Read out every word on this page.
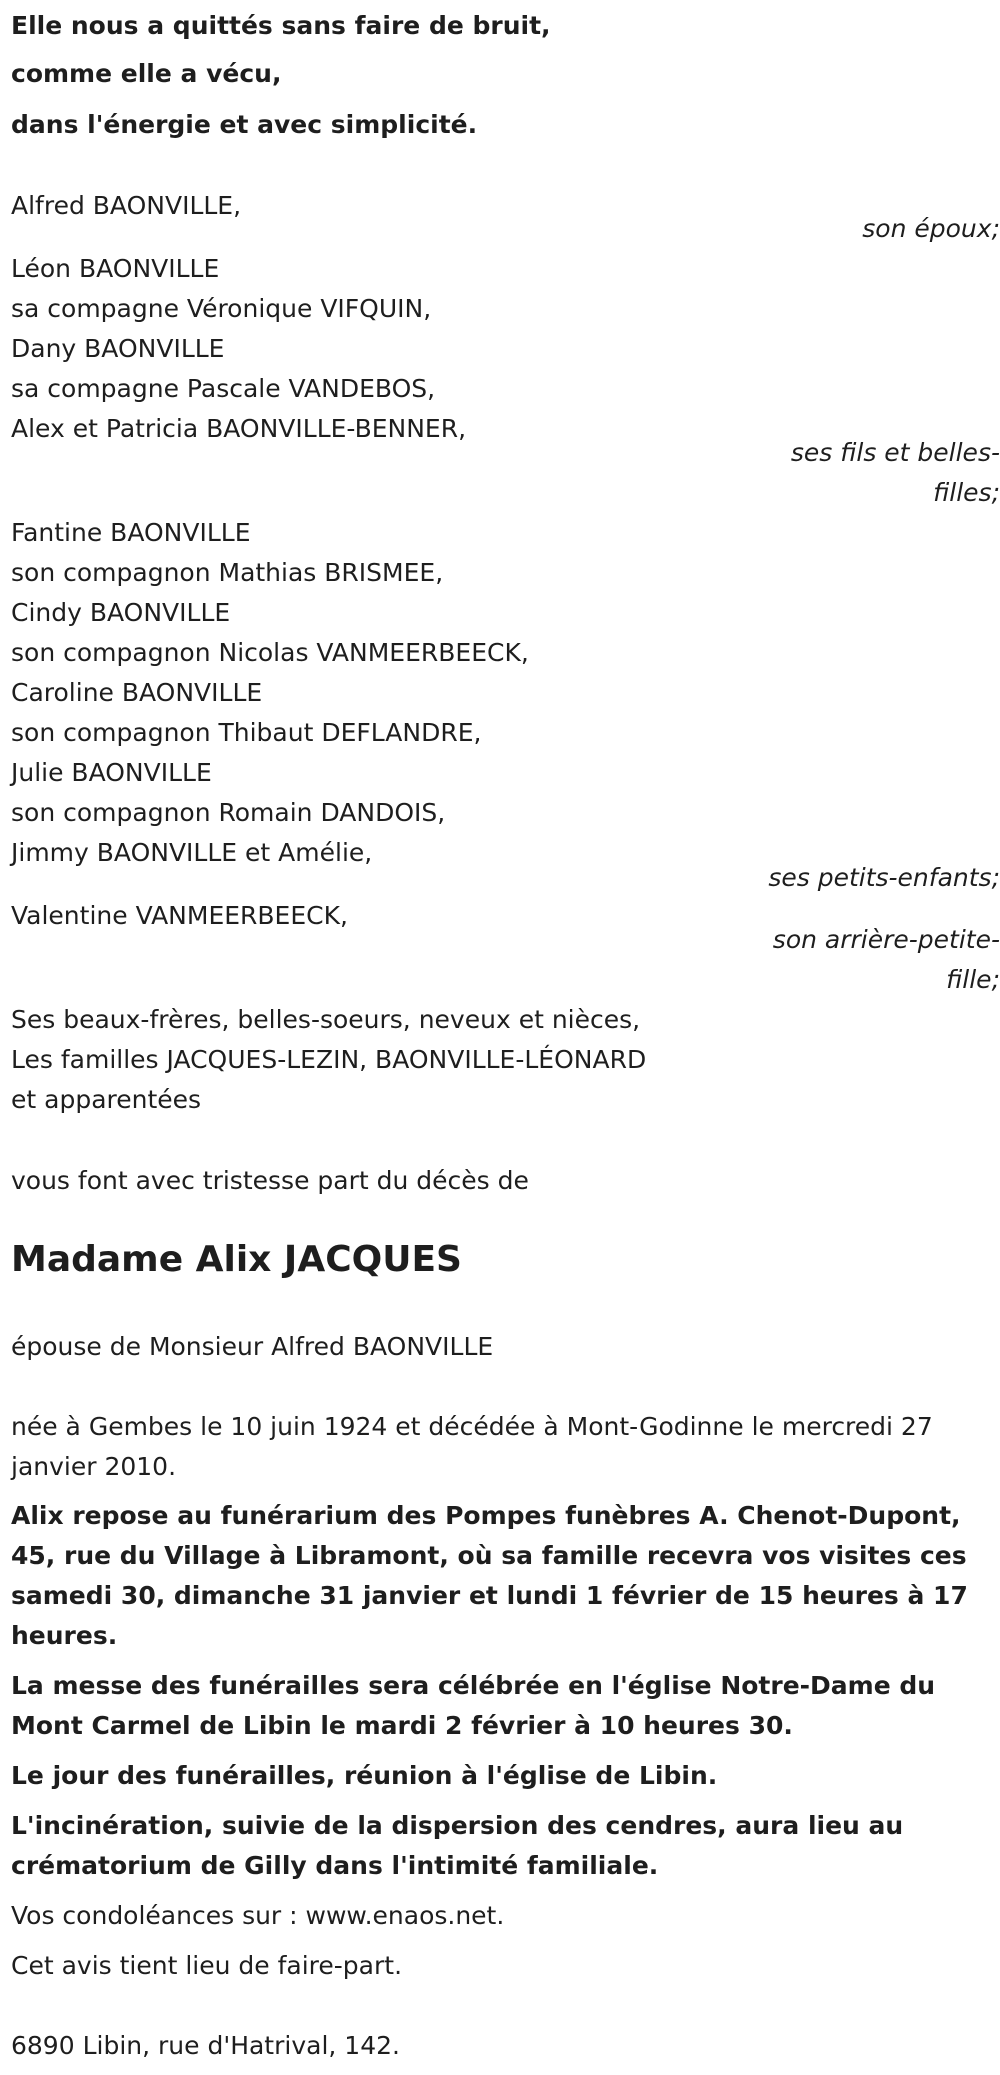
Elle nous a quittés sans faire de bruit,
comme elle a vécu,
dans l'énergie et avec simplicité.
Alfred BAONVILLE,
son époux;
Léon BAONVILLE
sa compagne Véronique VIFQUIN,
Dany BAONVILLE
sa compagne Pascale VANDEBOS,
Alex et Patricia BAONVILLE-BENNER,
ses fils et belles-
filles;
Fantine BAONVILLE
son compagnon Mathias BRISMEE,
Cindy BAONVILLE
son compagnon Nicolas VANMEERBEECK,
Caroline BAONVILLE
son compagnon Thibaut DEFLANDRE,
Julie BAONVILLE
son compagnon Romain DANDOIS,
Jimmy BAONVILLE et Amélie,
ses petits-enfants;
Valentine VANMEERBEECK,
son arrière-petite-
fille;
Ses beaux-frères, belles-soeurs, neveux et nièces,
Les familles JACQUES-LEZIN, BAONVILLE-LÉONARD
et apparentées
vous font avec tristesse part du décès de
Madame Alix JACQUES
épouse de Monsieur Alfred BAONVILLE
née à Gembes le 10 juin 1924 et décédée à Mont-Godinne le mercredi 27
janvier 2010.
Alix repose au funérarium des Pompes funèbres A. Chenot-Dupont,
45, rue du Village à Libramont, où sa famille recevra vos visites ces
samedi 30, dimanche 31 janvier et lundi 1 février de 15 heures à 17
heures.
La messe des funérailles sera célébrée en l'église Notre-Dame du
Mont Carmel de Libin le mardi 2 février à 10 heures 30.
Le jour des funérailles, réunion à l'église de Libin.
L'incinération, suivie de la dispersion des cendres, aura lieu au
crématorium de Gilly dans l'intimité familiale.
Vos condoléances sur : www.enaos.net.
Cet avis tient lieu de faire-part.
6890 Libin, rue d'Hatrival, 142.
